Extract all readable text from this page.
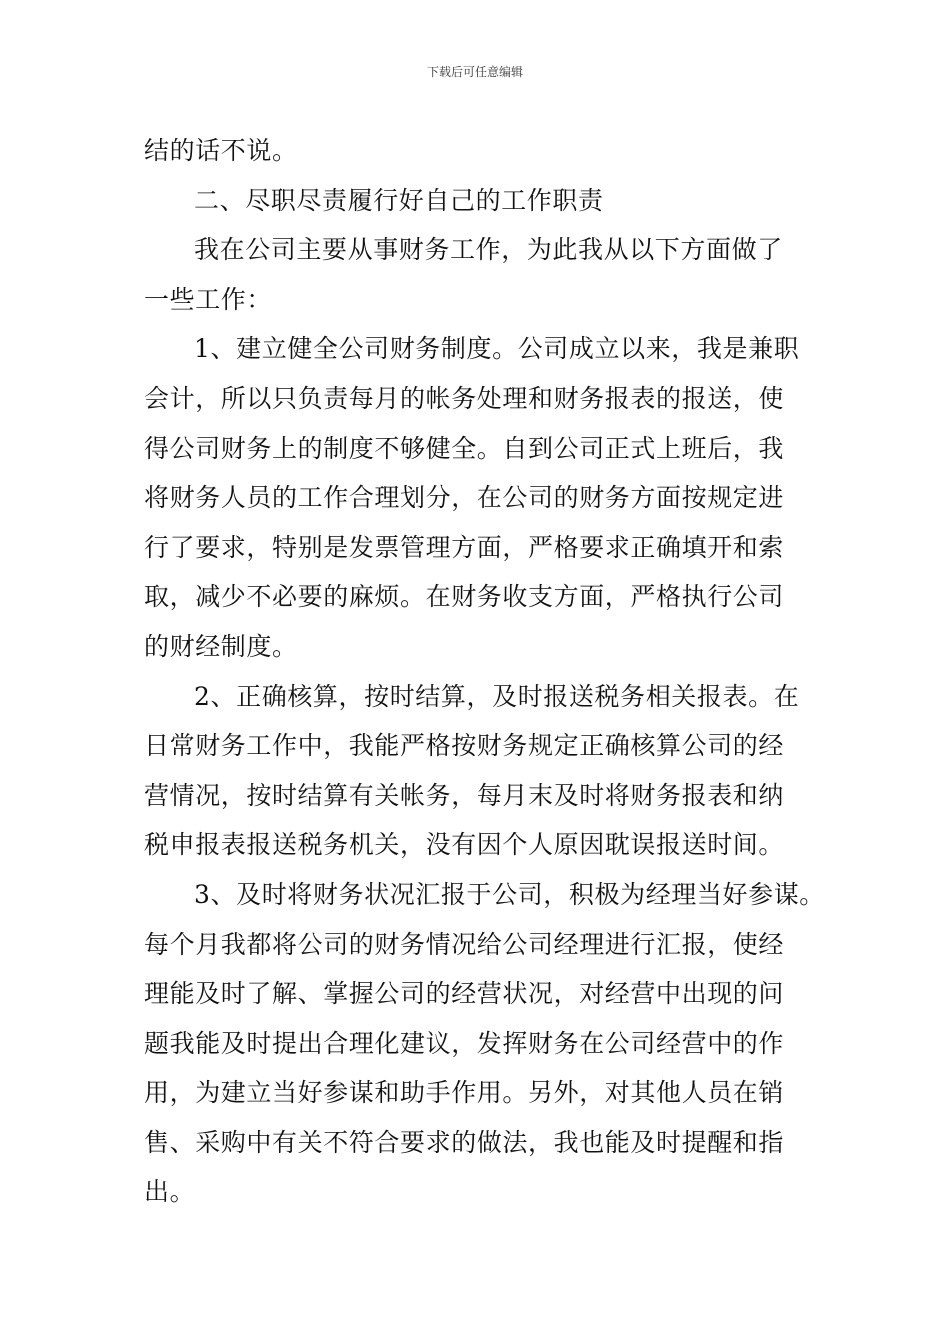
下载后可任意编辑

结的话不说。

二、尽职尽责履行好自己的工作职责

我在公司主要从事财务工作，为此我从以下方面做了
一些工作：

1、建立健全公司财务制度。公司成立以来，我是兼职
会计，所以只负责每月的帐务处理和财务报表的报送，使
得公司财务上的制度不够健全。自到公司正式上班后，我
将财务人员的工作合理划分，在公司的财务方面按规定进
行了要求，特别是发票管理方面，严格要求正确填开和索
取，减少不必要的麻烦。在财务收支方面，严格执行公司
的财经制度。

2、正确核算，按时结算，及时报送税务相关报表。在
日常财务工作中，我能严格按财务规定正确核算公司的经
营情况，按时结算有关帐务，每月末及时将财务报表和纳
税申报表报送税务机关，没有因个人原因耽误报送时间。

3、及时将财务状况汇报于公司，积极为经理当好参谋。
每个月我都将公司的财务情况给公司经理进行汇报，使经
理能及时了解、掌握公司的经营状况，对经营中出现的问
题我能及时提出合理化建议，发挥财务在公司经营中的作
用，为建立当好参谋和助手作用。另外，对其他人员在销
售、采购中有关不符合要求的做法，我也能及时提醒和指
出。
